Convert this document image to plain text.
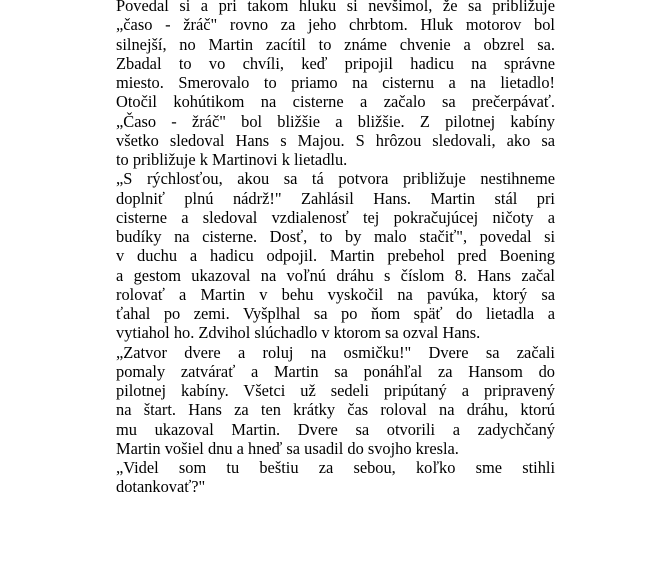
Povedal si a pri takom hluku si nevšimol, že sa približuje
„časo - žráč" rovno za jeho chrbtom. Hluk motorov bol
silnejší, no Martin zacítil to známe chvenie a obzrel sa.
Zbadal to vo chvíli, keď pripojil hadicu na správne
miesto. Smerovalo to priamo na cisternu a na lietadlo!
Otočil kohútikom na cisterne a začalo sa prečerpávať.
„Časo - žráč" bol bližšie a bližšie. Z pilotnej kabíny
všetko sledoval Hans s Majou. S hrôzou sledovali, ako sa
to približuje k Martinovi k lietadlu.
„S rýchlosťou, akou sa tá potvora približuje nestihneme
doplniť plnú nádrž!" Zahlásil Hans. Martin stál pri
cisterne a sledoval vzdialenosť tej pokračujúcej ničoty a
budíky na cisterne. Dosť, to by malo stačiť", povedal si
v duchu a hadicu odpojil. Martin prebehol pred Boening
a gestom ukazoval na voľnú dráhu s číslom 8. Hans začal
rolovať a Martin v behu vyskočil na pavúka, ktorý sa
ťahal po zemi. Vyšplhal sa po ňom späť do lietadla a
vytiahol ho. Zdvihol slúchadlo v ktorom sa ozval Hans.
„Zatvor dvere a roluj na osmičku!" Dvere sa začali
pomaly zatvárať a Martin sa ponáhľal za Hansom do
pilotnej kabíny. Všetci už sedeli pripútaný a pripravený
na štart. Hans za ten krátky čas roloval na dráhu, ktorú
mu ukazoval Martin. Dvere sa otvorili a zadychčaný
Martin vošiel dnu a hneď sa usadil do svojho kresla.
„Videl som tu beštiu za sebou, koľko sme stihli
dotankovať?"
